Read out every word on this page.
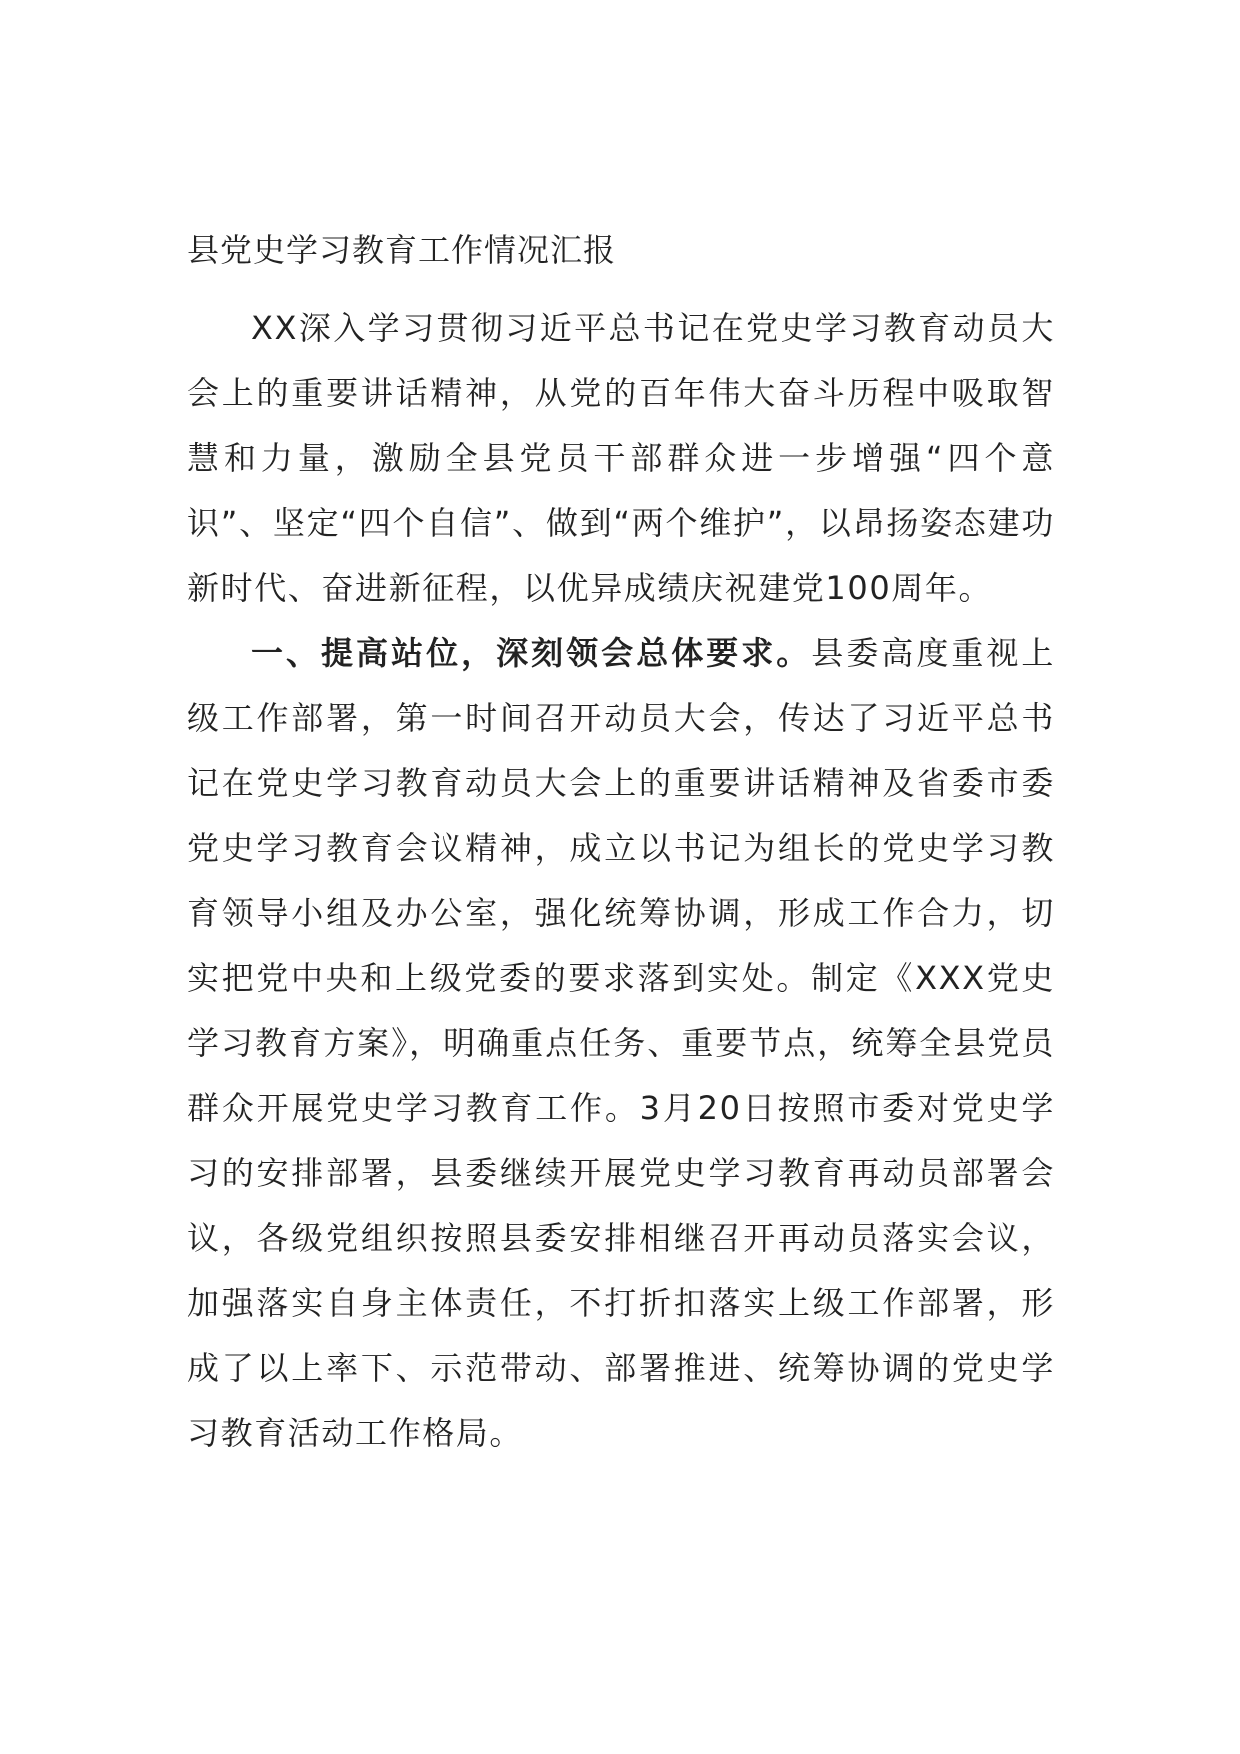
县党史学习教育工作情况汇报

XX深入学习贯彻习近平总书记在党史学习教育动员大会上的重要讲话精神，从党的百年伟大奋斗历程中吸取智慧和力量，激励全县党员干部群众进一步增强“四个意识”、坚定“四个自信”、做到“两个维护”，以昂扬姿态建功新时代、奋进新征程，以优异成绩庆祝建党100周年。

一、提高站位，深刻领会总体要求。县委高度重视上级工作部署，第一时间召开动员大会，传达了习近平总书记在党史学习教育动员大会上的重要讲话精神及省委市委党史学习教育会议精神，成立以书记为组长的党史学习教育领导小组及办公室，强化统筹协调，形成工作合力，切实把党中央和上级党委的要求落到实处。制定《XXX党史学习教育方案》，明确重点任务、重要节点，统筹全县党员群众开展党史学习教育工作。3月20日按照市委对党史学习的安排部署，县委继续开展党史学习教育再动员部署会议，各级党组织按照县委安排相继召开再动员落实会议，加强落实自身主体责任，不打折扣落实上级工作部署，形成了以上率下、示范带动、部署推进、统筹协调的党史学习教育活动工作格局。
